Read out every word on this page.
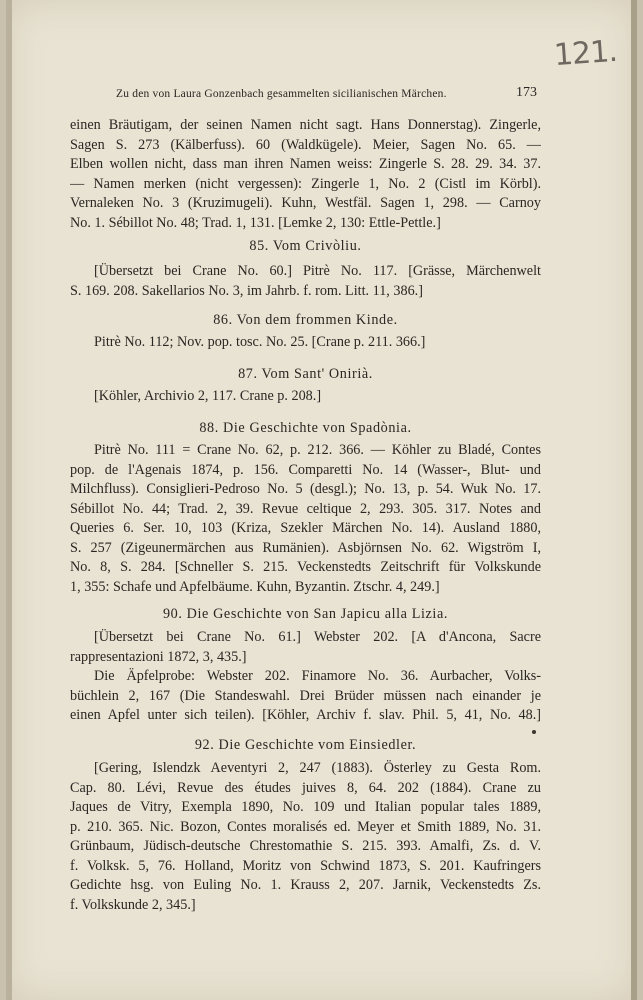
121.
Zu den von Laura Gonzenbach gesammelten sicilianischen Märchen.	173
einen Bräutigam, der seinen Namen nicht sagt. Hans Donnerstag). Zingerle,
Sagen S. 273 (Kälberfuss). 60 (Waldkügele). Meier, Sagen No. 65. —
Elben wollen nicht, dass man ihren Namen weiss: Zingerle S. 28. 29. 34. 37.
— Namen merken (nicht vergessen): Zingerle 1, No. 2 (Cistl im Körbl).
Vernaleken No. 3 (Kruzimugeli). Kuhn, Westfäl. Sagen 1, 298. — Carnoy
No. 1. Sébillot No. 48; Trad. 1, 131. [Lemke 2, 130: Ettle-Pettle.]
85. Vom Crivòliu.
[Übersetzt bei Crane No. 60.] Pitrè No. 117. [Grässe, Märchenwelt
S. 169. 208. Sakellarios No. 3, im Jahrb. f. rom. Litt. 11, 386.]
86. Von dem frommen Kinde.
Pitrè No. 112; Nov. pop. tosc. No. 25. [Crane p. 211. 366.]
87. Vom Sant' Onirià.
[Köhler, Archivio 2, 117. Crane p. 208.]
88. Die Geschichte von Spadònia.
Pitrè No. 111 = Crane No. 62, p. 212. 366. — Köhler zu Bladé, Contes
pop. de l'Agenais 1874, p. 156. Comparetti No. 14 (Wasser-, Blut- und
Milchfluss). Consiglieri-Pedroso No. 5 (desgl.); No. 13, p. 54. Wuk No. 17.
Sébillot No. 44; Trad. 2, 39. Revue celtique 2, 293. 305. 317. Notes and
Queries 6. Ser. 10, 103 (Kriza, Szekler Märchen No. 14). Ausland 1880,
S. 257 (Zigeunermärchen aus Rumänien). Asbjörnsen No. 62. Wigström I,
No. 8, S. 284. [Schneller S. 215. Veckenstedts Zeitschrift für Volkskunde
1, 355: Schafe und Apfelbäume. Kuhn, Byzantin. Ztschr. 4, 249.]
90. Die Geschichte von San Japicu alla Lizia.
[Übersetzt bei Crane No. 61.] Webster 202. [A d'Ancona, Sacre
rappresentazioni 1872, 3, 435.]
Die Äpfelprobe: Webster 202. Finamore No. 36. Aurbacher, Volks-
büchlein 2, 167 (Die Standeswahl. Drei Brüder müssen nach einander je
einen Apfel unter sich teilen). [Köhler, Archiv f. slav. Phil. 5, 41, No. 48.]
92. Die Geschichte vom Einsiedler.
[Gering, Islendzk Aeventyri 2, 247 (1883). Österley zu Gesta Rom.
Cap. 80. Lévi, Revue des études juives 8, 64. 202 (1884). Crane zu
Jaques de Vitry, Exempla 1890, No. 109 und Italian popular tales 1889,
p. 210. 365. Nic. Bozon, Contes moralisés ed. Meyer et Smith 1889, No. 31.
Grünbaum, Jüdisch-deutsche Chrestomathie S. 215. 393. Amalfi, Zs. d. V.
f. Volksk. 5, 76. Holland, Moritz von Schwind 1873, S. 201. Kaufringers
Gedichte hsg. von Euling No. 1. Krauss 2, 207. Jarnik, Veckenstedts Zs.
f. Volkskunde 2, 345.]
